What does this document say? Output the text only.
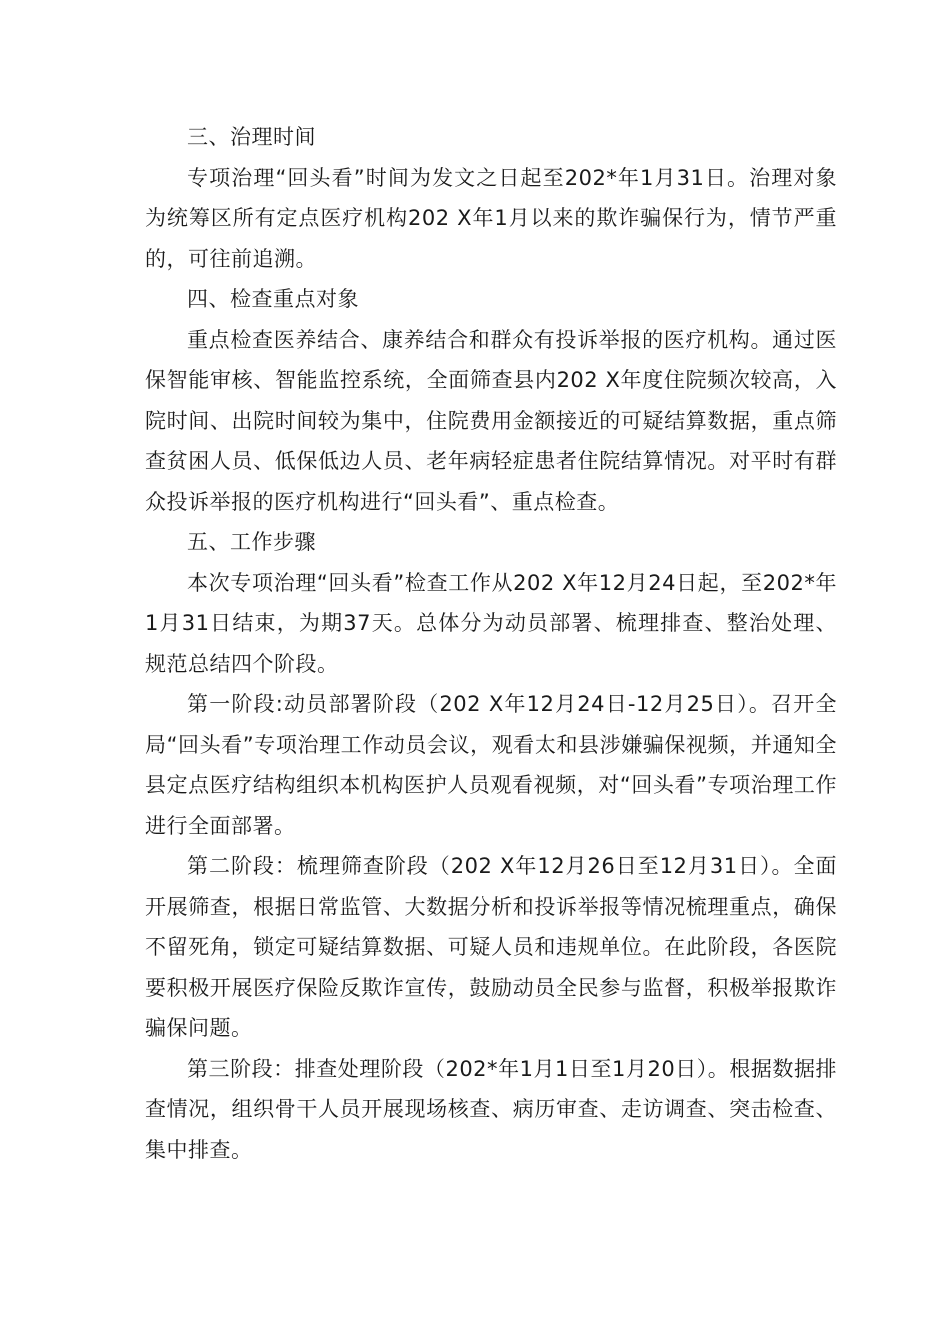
三、治理时间

专项治理“回头看”时间为发文之日起至202*年1月31日。治理对象为统筹区所有定点医疗机构202 X年1月以来的欺诈骗保行为，情节严重的，可往前追溯。

四、检查重点对象

重点检查医养结合、康养结合和群众有投诉举报的医疗机构。通过医保智能审核、智能监控系统，全面筛查县内202 X年度住院频次较高，入院时间、出院时间较为集中，住院费用金额接近的可疑结算数据，重点筛查贫困人员、低保低边人员、老年病轻症患者住院结算情况。对平时有群众投诉举报的医疗机构进行“回头看”、重点检查。

五、工作步骤

本次专项治理“回头看”检查工作从202 X年12月24日起，至202*年1月31日结束，为期37天。总体分为动员部署、梳理排查、整治处理、规范总结四个阶段。

第一阶段:动员部署阶段（202 X年12月24日-12月25日）。召开全局“回头看”专项治理工作动员会议，观看太和县涉嫌骗保视频，并通知全县定点医疗结构组织本机构医护人员观看视频，对“回头看”专项治理工作进行全面部署。

第二阶段：梳理筛查阶段（202 X年12月26日至12月31日）。全面开展筛查，根据日常监管、大数据分析和投诉举报等情况梳理重点，确保不留死角，锁定可疑结算数据、可疑人员和违规单位。在此阶段，各医院要积极开展医疗保险反欺诈宣传，鼓励动员全民参与监督，积极举报欺诈骗保问题。

第三阶段：排查处理阶段（202*年1月1日至1月20日）。根据数据排查情况，组织骨干人员开展现场核查、病历审查、走访调查、突击检查、集中排查。
